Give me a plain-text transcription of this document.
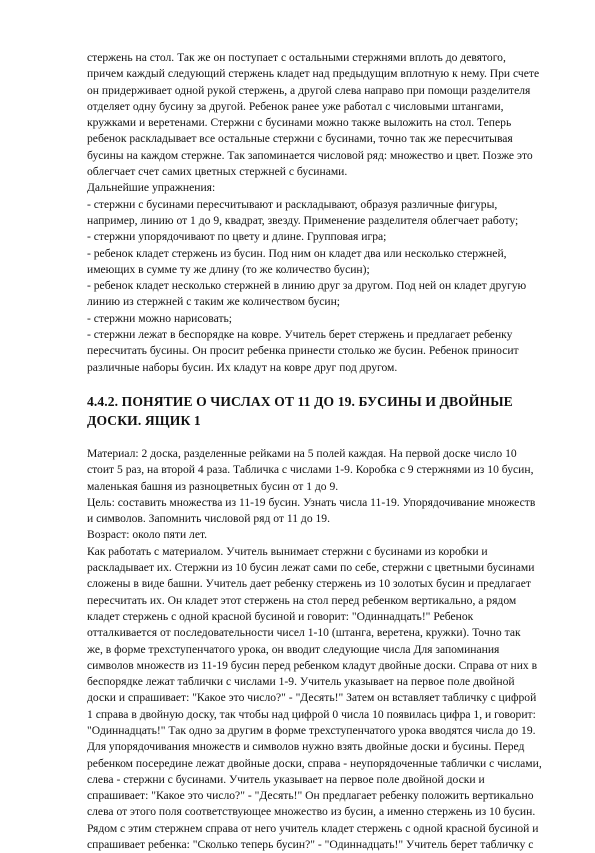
стержень на стол. Так же он поступает с остальными стержнями вплоть до девятого,
причем каждый следующий стержень кладет над предыдущим вплотную к нему. При счете
он придерживает одной рукой стержень, а другой слева направо при помощи разделителя
отделяет одну бусину за другой. Ребенок ранее уже работал с числовыми штангами,
кружками и веретенами. Стержни с бусинами можно также выложить на стол. Теперь
ребенок раскладывает все остальные стержни с бусинами, точно так же пересчитывая
бусины на каждом стержне. Так запоминается числовой ряд: множество и цвет. Позже это
облегчает счет самих цветных стержней с бусинами.
Дальнейшие упражнения:
- стержни с бусинами пересчитывают и раскладывают, образуя различные фигуры,
например, линию от 1 до 9, квадрат, звезду. Применение разделителя облегчает работу;
- стержни упорядочивают по цвету и длине. Групповая игра;
- ребенок кладет стержень из бусин. Под ним он кладет два или несколько стержней,
имеющих в сумме ту же длину (то же количество бусин);
- ребенок кладет несколько стержней в линию друг за другом. Под ней он кладет другую
линию из стержней с таким же количеством бусин;
- стержни можно нарисовать;
- стержни лежат в беспорядке на ковре. Учитель берет стержень и предлагает ребенку
пересчитать бусины. Он просит ребенка принести столько же бусин. Ребенок приносит
различные наборы бусин. Их кладут на ковре друг под другом.
4.4.2. ПОНЯТИЕ О ЧИСЛАХ ОТ 11 ДО 19. БУСИНЫ И ДВОЙНЫЕ
ДОСКИ. ЯЩИК 1
Материал: 2 доска, разделенные рейками на 5 полей каждая. На первой доске число 10
стоит 5 раз, на второй 4 раза. Табличка с числами 1-9. Коробка с 9 стержнями из 10 бусин,
маленькая башня из разноцветных бусин от 1 до 9.
Цель: составить множества из 11-19 бусин. Узнать числа 11-19. Упорядочивание множеств
и символов. Запомнить числовой ряд от 11 до 19.
Возраст: около пяти лет.
Как работать с материалом. Учитель вынимает стержни с бусинами из коробки и
раскладывает их. Стержни из 10 бусин лежат сами по себе, стержни с цветными бусинами
сложены в виде башни. Учитель дает ребенку стержень из 10 золотых бусин и предлагает
пересчитать их. Он кладет этот стержень на стол перед ребенком вертикально, а рядом
кладет стержень с одной красной бусиной и говорит: "Одиннадцать!" Ребенок
отталкивается от последовательности чисел 1-10 (штанга, веретена, кружки). Точно так
же, в форме трехступенчатого урока, он вводит следующие числа Для запоминания
символов множеств из 11-19 бусин перед ребенком кладут двойные доски. Справа от них в
беспорядке лежат таблички с числами 1-9. Учитель указывает на первое поле двойной
доски и спрашивает: "Какое это число?" - "Десять!" Затем он вставляет табличку с цифрой
1 справа в двойную доску, так чтобы над цифрой 0 числа 10 появилась цифра 1, и говорит:
"Одиннадцать!" Так одно за другим в форме трехступенчатого урока вводятся числа до 19.
Для упорядочивания множеств и символов нужно взять двойные доски и бусины. Перед
ребенком посередине лежат двойные доски, справа - неупорядоченные таблички с числами,
слева - стержни с бусинами. Учитель указывает на первое поле двойной доски и
спрашивает: "Какое это число?" - "Десять!" Он предлагает ребенку положить вертикально
слева от этого поля соответствующее множество из бусин, а именно стержень из 10 бусин.
Рядом с этим стержнем справа от него учитель кладет стержень с одной красной бусиной и
спрашивает ребенка: "Сколько теперь бусин?" - "Одиннадцать!" Учитель берет табличку с
